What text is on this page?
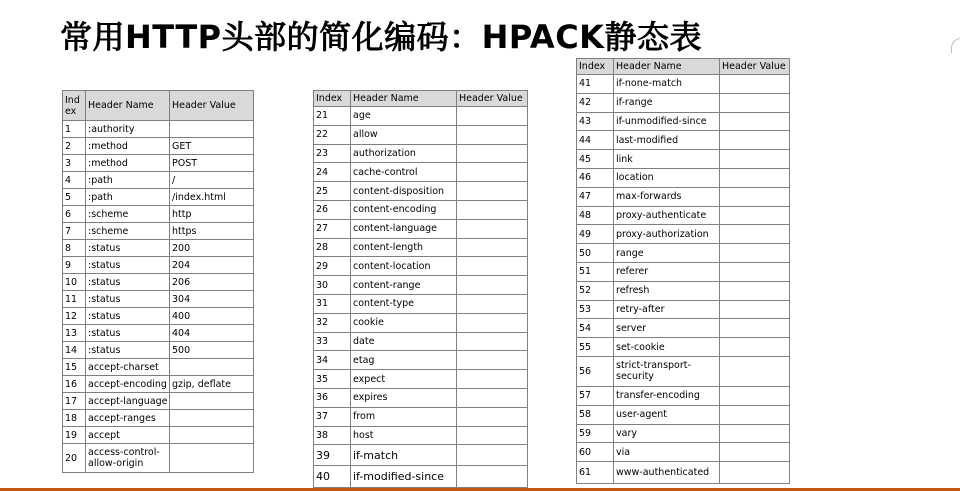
常用HTTP头部的简化编码：HPACK静态表
Ind ex	Header Name	Header Value
1	:authority	
2	:method	GET
3	:method	POST
4	:path	/
5	:path	/index.html
6	:scheme	http
7	:scheme	https
8	:status	200
9	:status	204
10	:status	206
11	:status	304
12	:status	400
13	:status	404
14	:status	500
15	accept-charset	
16	accept-encoding	gzip, deflate
17	accept-language	
18	accept-ranges	
19	accept	
20	access-control-allow-origin	
Index	Header Name	Header Value
21	age	
22	allow	
23	authorization	
24	cache-control	
25	content-disposition	
26	content-encoding	
27	content-language	
28	content-length	
29	content-location	
30	content-range	
31	content-type	
32	cookie	
33	date	
34	etag	
35	expect	
36	expires	
37	from	
38	host	
39	if-match	
40	if-modified-since	
Index	Header Name	Header Value
41	if-none-match	
42	if-range	
43	if-unmodified-since	
44	last-modified	
45	link	
46	location	
47	max-forwards	
48	proxy-authenticate	
49	proxy-authorization	
50	range	
51	referer	
52	refresh	
53	retry-after	
54	server	
55	set-cookie	
56	strict-transport-security	
57	transfer-encoding	
58	user-agent	
59	vary	
60	via	
61	www-authenticated	
